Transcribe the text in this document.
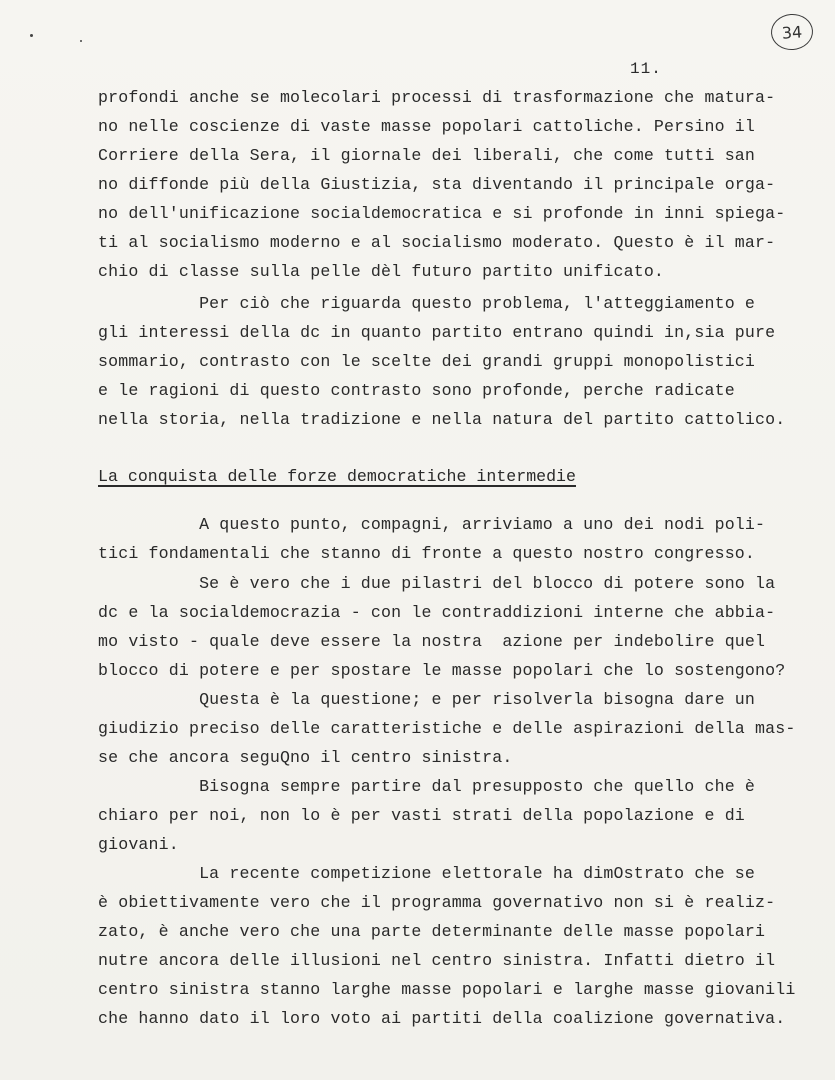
34
11.
profondi anche se molecolari processi di trasformazione che matura-
no nelle coscienze di vaste masse popolari cattoliche. Persino il
Corriere della Sera, il giornale dei liberali, che come tutti san
no diffonde più della Giustizia, sta diventando il principale orga-
no dell'unificazione socialdemocratica e si profonde in inni spiega-
ti al socialismo moderno e al socialismo moderato. Questo è il mar-
chio di classe sulla pelle dèl futuro partito unificato.
Per ciò che riguarda questo problema, l'atteggiamento e
gli interessi della dc in quanto partito entrano quindi in,sia pure
sommario, contrasto con le scelte dei grandi gruppi monopolistici
e le ragioni di questo contrasto sono profonde, perche radicate
nella storia, nella tradizione e nella natura del partito cattolico.
La conquista delle forze democratiche intermedie
A questo punto, compagni, arriviamo a uno dei nodi poli-
tici fondamentali che stanno di fronte a questo nostro congresso.
Se è vero che i due pilastri del blocco di potere sono la
dc e la socialdemocrazia - con le contraddizioni interne che abbia-
mo visto - quale deve essere la nostra  azione per indebolire quel
blocco di potere e per spostare le masse popolari che lo sostengono?
Questa è la questione; e per risolverla bisogna dare un
giudizio preciso delle caratteristiche e delle aspirazioni della mas-
se che ancora seguQno il centro sinistra.
Bisogna sempre partire dal presupposto che quello che è
chiaro per noi, non lo è per vasti strati della popolazione e di
giovani.
La recente competizione elettorale ha dimOstrato che se
è obiettivamente vero che il programma governativo non si è realiz-
zato, è anche vero che una parte determinante delle masse popolari
nutre ancora delle illusioni nel centro sinistra. Infatti dietro il
centro sinistra stanno larghe masse popolari e larghe masse giovanili
che hanno dato il loro voto ai partiti della coalizione governativa.
